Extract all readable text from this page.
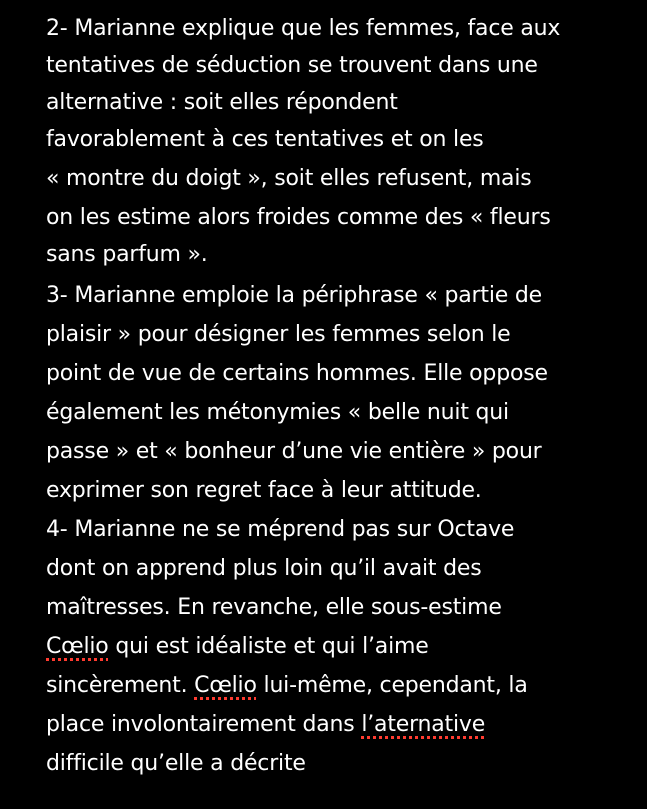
2- Marianne explique que les femmes, face aux
tentatives de séduction se trouvent dans une
alternative : soit elles répondent
favorablement à ces tentatives et on les
« montre du doigt », soit elles refusent, mais
on les estime alors froides comme des « fleurs
sans parfum ».
3- Marianne emploie la périphrase « partie de
plaisir » pour désigner les femmes selon le
point de vue de certains hommes. Elle oppose
également les métonymies « belle nuit qui
passe » et « bonheur d’une vie entière » pour
exprimer son regret face à leur attitude.
4- Marianne ne se méprend pas sur Octave
dont on apprend plus loin qu’il avait des
maîtresses. En revanche, elle sous-estime
Cœlio qui est idéaliste et qui l’aime
sincèrement. Cœlio lui-même, cependant, la
place involontairement dans l’aternative
difficile qu’elle a décrite
